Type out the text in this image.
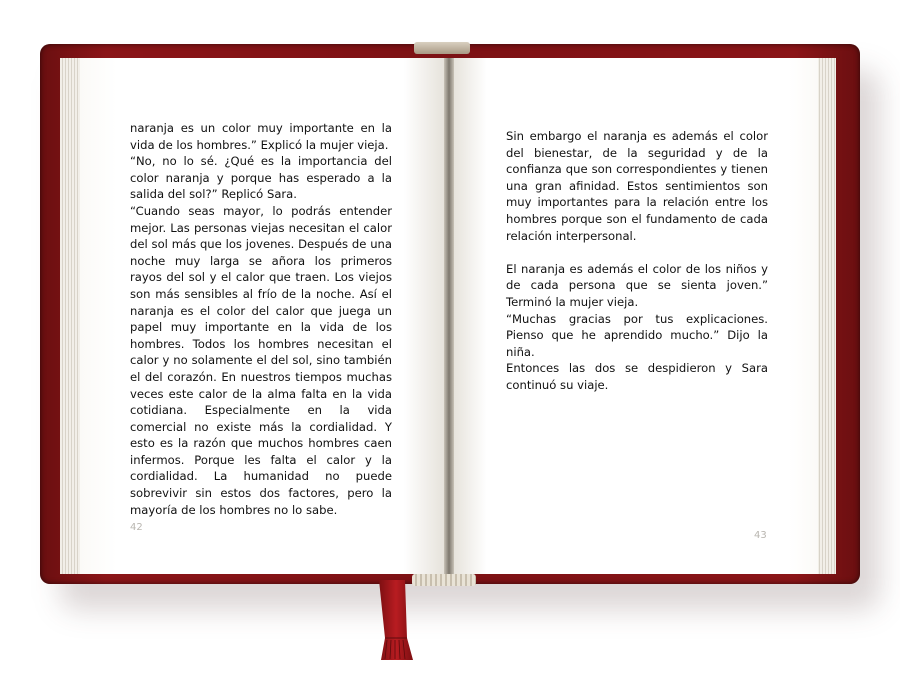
naranja es un color muy importante en la vida de los hombres.” Explicó la mujer vieja.

“No, no lo sé. ¿Qué es la importancia del color naranja y porque has esperado a la salida del sol?” Replicó Sara.

“Cuando seas mayor, lo podrás entender mejor. Las personas viejas necesitan el calor del sol más que los jovenes. Después de una noche muy larga se añora los primeros rayos del sol y el calor que traen. Los viejos son más sensibles al frío de la noche. Así el naranja es el color del calor que juega un papel muy importante en la vida de los hombres. Todos los hombres necesitan el calor y no solamente el del sol, sino también el del corazón. En nuestros tiempos muchas veces este calor de la alma falta en la vida cotidiana. Especialmente en la vida comercial no existe más la cordialidad. Y esto es la razón que muchos hombres caen infermos. Porque les falta el calor y la cordialidad. La humanidad no puede sobrevivir sin estos dos factores, pero la mayoría de los hombres no lo sabe.

42

Sin embargo el naranja es además el color del bienestar, de la seguridad y de la confianza que son correspondientes y tienen una gran afinidad. Estos sentimientos son muy importantes para la relación entre los hombres porque son el fundamento de cada relación interpersonal.

El naranja es además el color de los niños y de cada persona que se sienta joven.” Terminó la mujer vieja.

“Muchas gracias por tus explicaciones. Pienso que he aprendido mucho.” Dijo la niña.

Entonces las dos se despidieron y Sara continuó su viaje.

43
